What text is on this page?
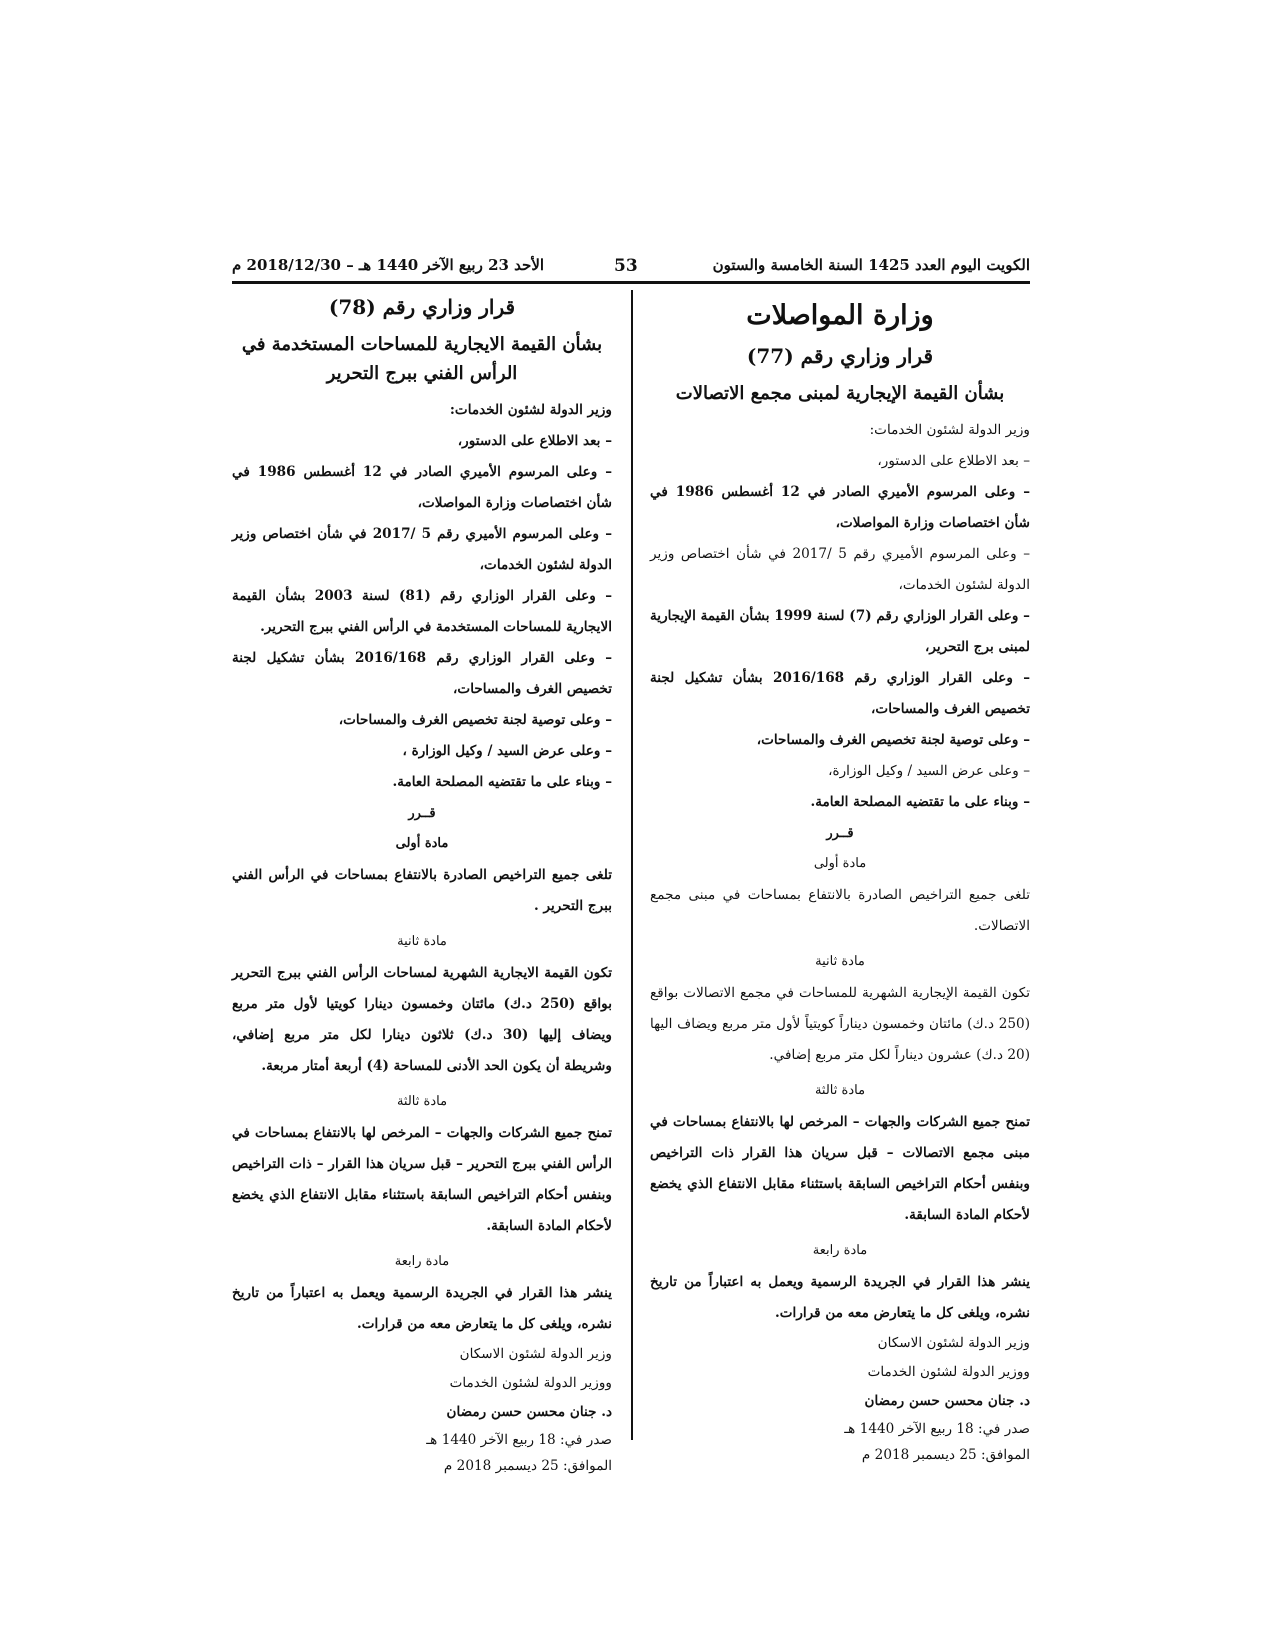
الكويت اليوم العدد 1425 السنة الخامسة والستون
53
الأحد 23 ربيع الآخر 1440 هـ – 2018/12/30 م
وزارة المواصلات
قرار وزاري رقم (77)
بشأن القيمة الإيجارية لمبنى مجمع الاتصالات

وزير الدولة لشئون الخدمات:

– بعد الاطلاع على الدستور،

– وعلى المرسوم الأميري الصادر في 12 أغسطس 1986 في شأن اختصاصات وزارة المواصلات،

– وعلى المرسوم الأميري رقم 5 /2017 في شأن اختصاص وزير الدولة لشئون الخدمات،

– وعلى القرار الوزاري رقم (7) لسنة 1999 بشأن القيمة الإيجارية لمبنى برج التحرير،

– وعلى القرار الوزاري رقم 2016/168 بشأن تشكيل لجنة تخصيص الغرف والمساحات،

– وعلى توصية لجنة تخصيص الغرف والمساحات،

– وعلى عرض السيد / وكيل الوزارة،

– وبناء على ما تقتضيه المصلحة العامة.

قــرر

مادة أولى

تلغى جميع التراخيص الصادرة بالانتفاع بمساحات في مبنى مجمع الاتصالات.

مادة ثانية

تكون القيمة الإيجارية الشهرية للمساحات في مجمع الاتصالات بواقع (250 د.ك) مائتان وخمسون ديناراً كويتياً لأول متر مربع ويضاف اليها (20 د.ك) عشرون ديناراً لكل متر مربع إضافي.

مادة ثالثة

تمنح جميع الشركات والجهات – المرخص لها بالانتفاع بمساحات في مبنى مجمع الاتصالات – قبل سريان هذا القرار ذات التراخيص وبنفس أحكام التراخيص السابقة باستثناء مقابل الانتفاع الذي يخضع لأحكام المادة السابقة.

مادة رابعة

ينشر هذا القرار في الجريدة الرسمية ويعمل به اعتباراً من تاريخ نشره، ويلغى كل ما يتعارض معه من قرارات.

وزير الدولة لشئون الاسكان

ووزير الدولة لشئون الخدمات

د. جنان محسن حسن رمضان

صدر في: 18 ربيع الآخر 1440 هـ

الموافق: 25 ديسمبر 2018 م

قرار وزاري رقم (78)
بشأن القيمة الايجارية للمساحات المستخدمة في
الرأس الفني ببرج التحرير

وزير الدولة لشئون الخدمات:

– بعد الاطلاع على الدستور،

– وعلى المرسوم الأميري الصادر في 12 أغسطس 1986 في شأن اختصاصات وزارة المواصلات،

– وعلى المرسوم الأميري رقم 5 /2017 في شأن اختصاص وزير الدولة لشئون الخدمات،

– وعلى القرار الوزاري رقم (81) لسنة 2003 بشأن القيمة الايجارية للمساحات المستخدمة في الرأس الفني ببرج التحرير.

– وعلى القرار الوزاري رقم 2016/168 بشأن تشكيل لجنة تخصيص الغرف والمساحات،

– وعلى توصية لجنة تخصيص الغرف والمساحات،

– وعلى عرض السيد / وكيل الوزارة ،

– وبناء على ما تقتضيه المصلحة العامة.

قــرر

مادة أولى

تلغى جميع التراخيص الصادرة بالانتفاع بمساحات في الرأس الفني ببرج التحرير .

مادة ثانية

تكون القيمة الايجارية الشهرية لمساحات الرأس الفني ببرج التحرير بواقع (250 د.ك) مائتان وخمسون دينارا كويتيا لأول متر مربع ويضاف إليها (30 د.ك) ثلاثون دينارا لكل متر مربع إضافي، وشريطة أن يكون الحد الأدنى للمساحة (4) أربعة أمتار مربعة.

مادة ثالثة

تمنح جميع الشركات والجهات – المرخص لها بالانتفاع بمساحات في الرأس الفني ببرج التحرير – قبل سريان هذا القرار – ذات التراخيص وبنفس أحكام التراخيص السابقة باستثناء مقابل الانتفاع الذي يخضع لأحكام المادة السابقة.

مادة رابعة

ينشر هذا القرار في الجريدة الرسمية ويعمل به اعتباراً من تاريخ نشره، ويلغى كل ما يتعارض معه من قرارات.

وزير الدولة لشئون الاسكان

ووزير الدولة لشئون الخدمات

د. جنان محسن حسن رمضان

صدر في: 18 ربيع الآخر 1440 هـ

الموافق: 25 ديسمبر 2018 م
